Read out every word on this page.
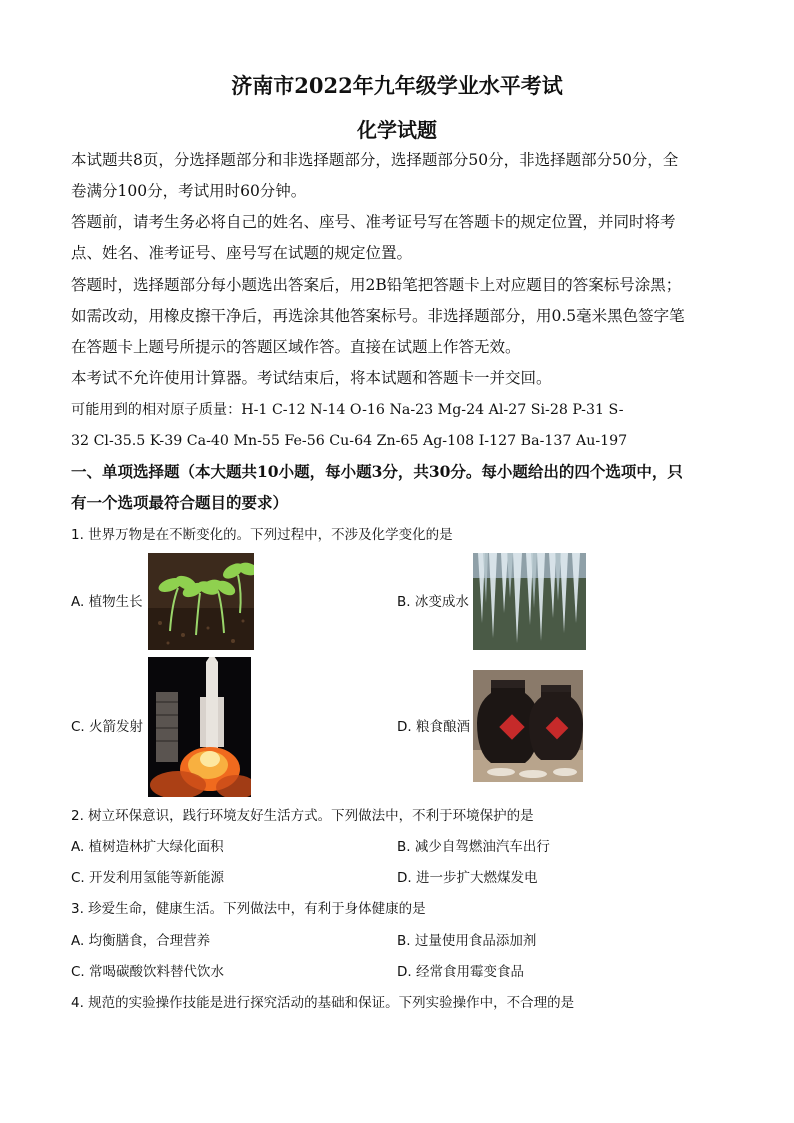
济南市2022年九年级学业水平考试
化学试题
本试题共8页，分选择题部分和非选择题部分，选择题部分50分，非选择题部分50分，全
卷满分100分，考试用时60分钟。
答题前，请考生务必将自己的姓名、座号、准考证号写在答题卡的规定位置，并同时将考
点、姓名、准考证号、座号写在试题的规定位置。
答题时，选择题部分每小题选出答案后，用2B铅笔把答题卡上对应题目的答案标号涂黑；
如需改动，用橡皮擦干净后，再选涂其他答案标号。非选择题部分，用0.5毫米黑色签字笔
在答题卡上题号所提示的答题区域作答。直接在试题上作答无效。
本考试不允许使用计算器。考试结束后，将本试题和答题卡一并交回。
可能用到的相对原子质量：H-1 C-12 N-14 O-16 Na-23 Mg-24 Al-27 Si-28 P-31 S-
32 Cl-35.5 K-39 Ca-40 Mn-55 Fe-56 Cu-64 Zn-65 Ag-108 I-127 Ba-137 Au-197
一、单项选择题（本大题共10小题，每小题3分，共30分。每小题给出的四个选项中，只
有一个选项最符合题目的要求）
1. 世界万物是在不断变化的。下列过程中，不涉及化学变化的是
A. 植物生长	B. 冰变成水
C. 火箭发射	D. 粮食酿酒
2. 树立环保意识，践行环境友好生活方式。下列做法中，不利于环境保护的是
A. 植树造林扩大绿化面积	B. 减少自驾燃油汽车出行
C. 开发利用氢能等新能源	D. 进一步扩大燃煤发电
3. 珍爱生命，健康生活。下列做法中，有利于身体健康的是
A. 均衡膳食，合理营养	B. 过量使用食品添加剂
C. 常喝碳酸饮料替代饮水	D. 经常食用霉变食品
4. 规范的实验操作技能是进行探究活动的基础和保证。下列实验操作中，不合理的是
